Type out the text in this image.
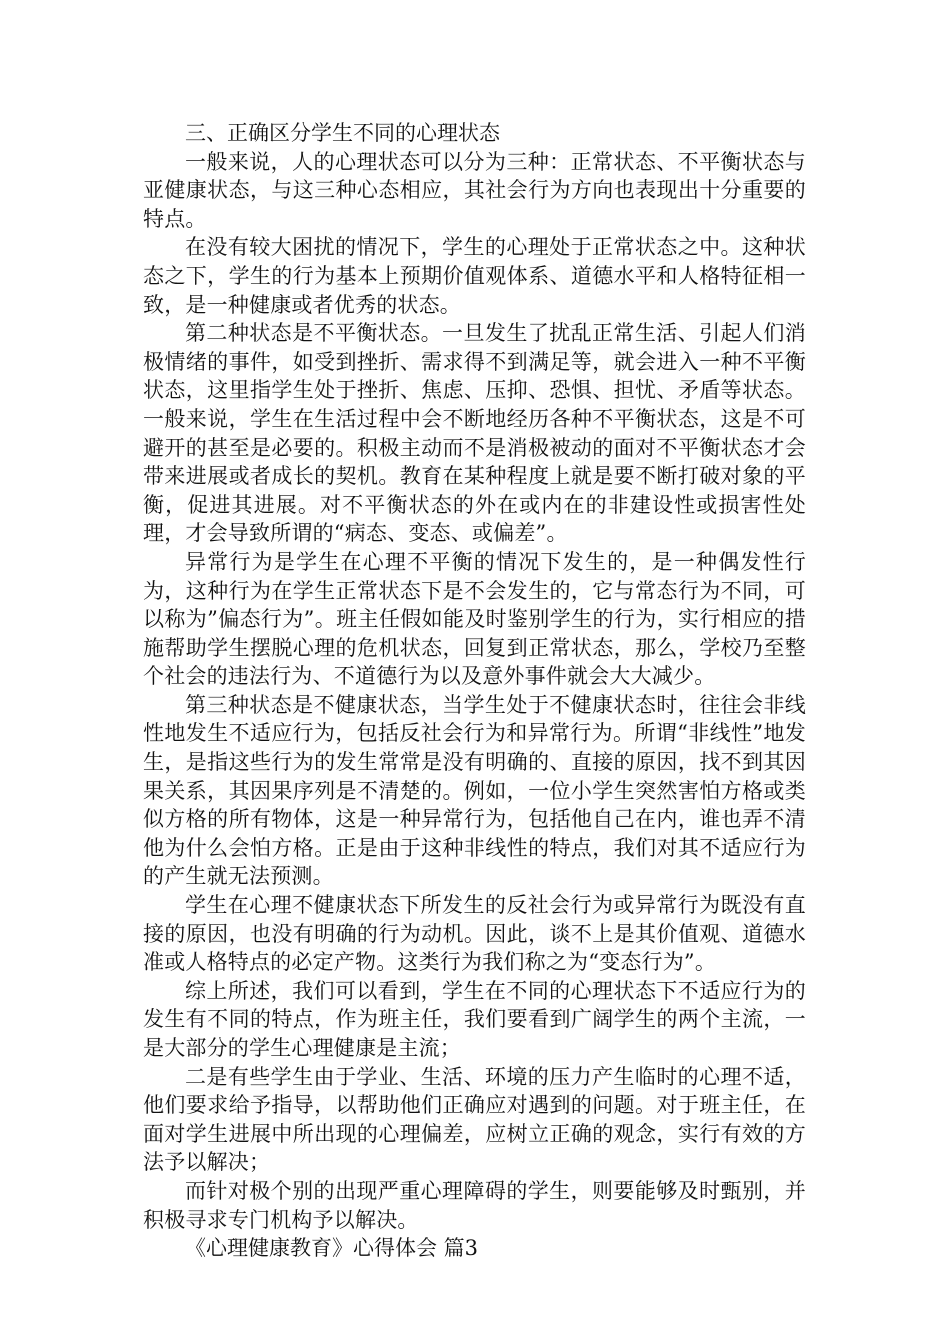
三、正确区分学生不同的心理状态

一般来说，人的心理状态可以分为三种：正常状态、不平衡状态与亚健康状态，与这三种心态相应，其社会行为方向也表现出十分重要的特点。

在没有较大困扰的情况下，学生的心理处于正常状态之中。这种状态之下，学生的行为基本上预期价值观体系、道德水平和人格特征相一致，是一种健康或者优秀的状态。

第二种状态是不平衡状态。一旦发生了扰乱正常生活、引起人们消极情绪的事件，如受到挫折、需求得不到满足等，就会进入一种不平衡状态，这里指学生处于挫折、焦虑、压抑、恐惧、担忧、矛盾等状态。一般来说，学生在生活过程中会不断地经历各种不平衡状态，这是不可避开的甚至是必要的。积极主动而不是消极被动的面对不平衡状态才会带来进展或者成长的契机。教育在某种程度上就是要不断打破对象的平衡，促进其进展。对不平衡状态的外在或内在的非建设性或损害性处理，才会导致所谓的“病态、变态、或偏差”。

异常行为是学生在心理不平衡的情况下发生的，是一种偶发性行为，这种行为在学生正常状态下是不会发生的，它与常态行为不同，可以称为”偏态行为”。班主任假如能及时鉴别学生的行为，实行相应的措施帮助学生摆脱心理的危机状态，回复到正常状态，那么，学校乃至整个社会的违法行为、不道德行为以及意外事件就会大大减少。

第三种状态是不健康状态，当学生处于不健康状态时，往往会非线性地发生不适应行为，包括反社会行为和异常行为。所谓“非线性”地发生，是指这些行为的发生常常是没有明确的、直接的原因，找不到其因果关系，其因果序列是不清楚的。例如，一位小学生突然害怕方格或类似方格的所有物体，这是一种异常行为，包括他自己在内，谁也弄不清他为什么会怕方格。正是由于这种非线性的特点，我们对其不适应行为的产生就无法预测。

学生在心理不健康状态下所发生的反社会行为或异常行为既没有直接的原因，也没有明确的行为动机。因此，谈不上是其价值观、道德水准或人格特点的必定产物。这类行为我们称之为“变态行为”。

综上所述，我们可以看到，学生在不同的心理状态下不适应行为的发生有不同的特点，作为班主任，我们要看到广阔学生的两个主流，一是大部分的学生心理健康是主流；

二是有些学生由于学业、生活、环境的压力产生临时的心理不适，他们要求给予指导，以帮助他们正确应对遇到的问题。对于班主任，在面对学生进展中所出现的心理偏差，应树立正确的观念，实行有效的方法予以解决；

而针对极个别的出现严重心理障碍的学生，则要能够及时甄别，并积极寻求专门机构予以解决。

《心理健康教育》心得体会 篇3
